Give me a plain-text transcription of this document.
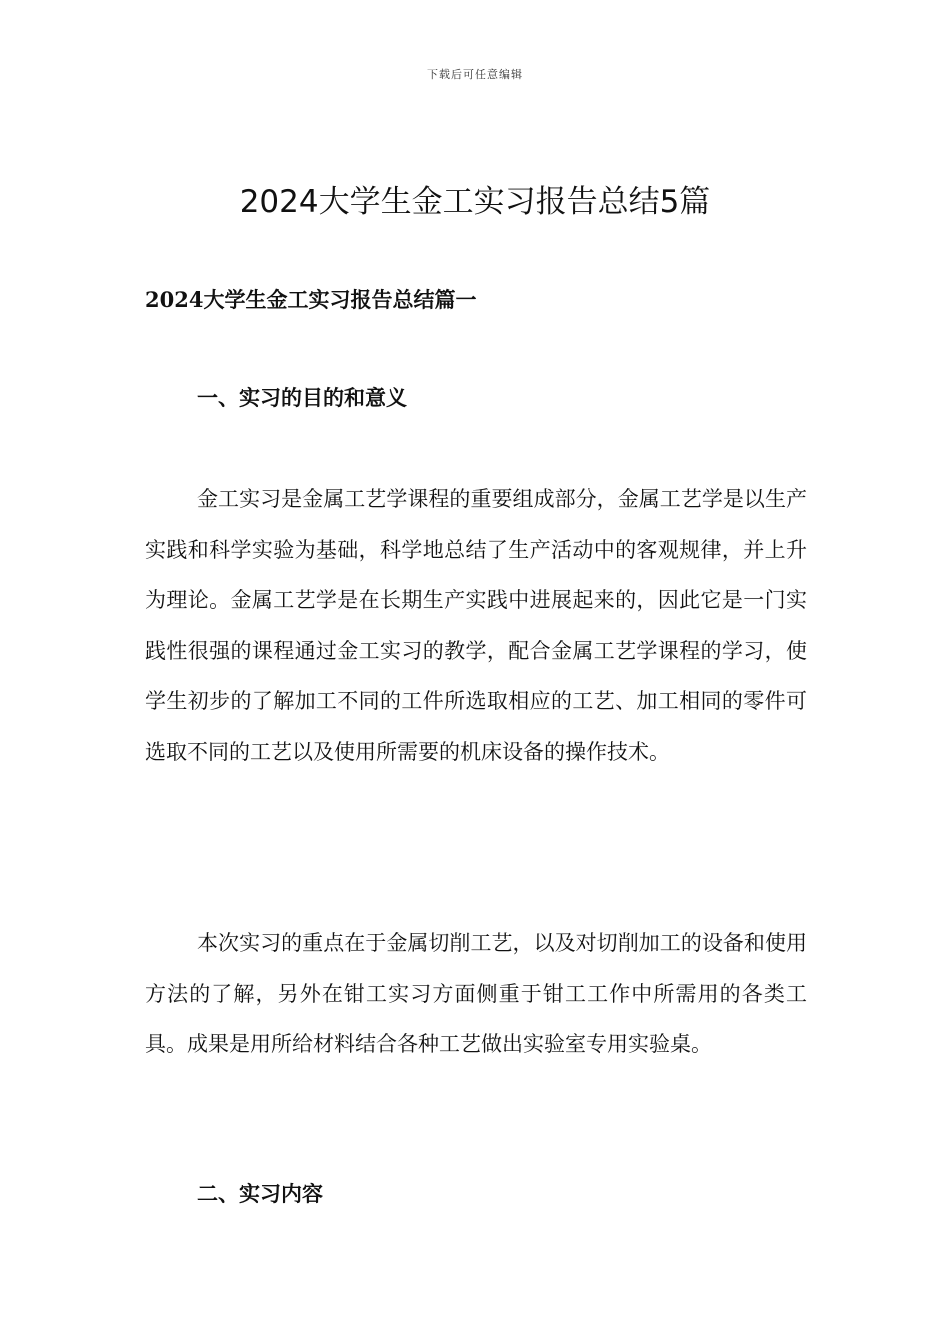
下载后可任意编辑
2024大学生金工实习报告总结5篇
2024大学生金工实习报告总结篇一
一、实习的目的和意义

金工实习是金属工艺学课程的重要组成部分，金属工艺学是以生产实践和科学实验为基础，科学地总结了生产活动中的客观规律，并上升为理论。金属工艺学是在长期生产实践中进展起来的，因此它是一门实践性很强的课程通过金工实习的教学，配合金属工艺学课程的学习，使学生初步的了解加工不同的工件所选取相应的工艺、加工相同的零件可选取不同的工艺以及使用所需要的机床设备的操作技术。

本次实习的重点在于金属切削工艺，以及对切削加工的设备和使用方法的了解，另外在钳工实习方面侧重于钳工工作中所需用的各类工具。成果是用所给材料结合各种工艺做出实验室专用实验桌。

二、实习内容
